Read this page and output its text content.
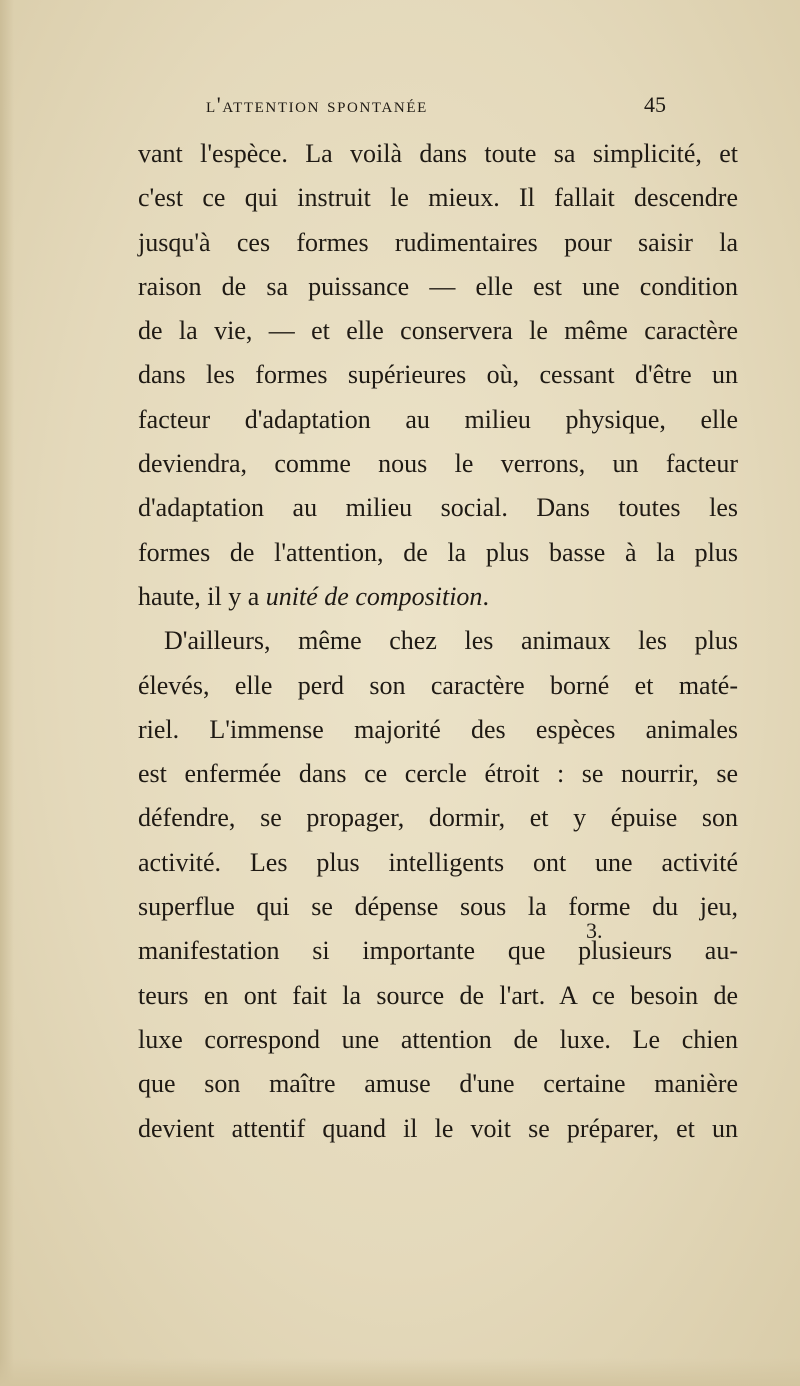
l'attention spontanée	45
vant l'espèce. La voilà dans toute sa simplicité, et
c'est ce qui instruit le mieux. Il fallait descendre
jusqu'à ces formes rudimentaires pour saisir la
raison de sa puissance — elle est une condition
de la vie, — et elle conservera le même caractère
dans les formes supérieures où, cessant d'être un
facteur d'adaptation au milieu physique, elle
deviendra, comme nous le verrons, un facteur
d'adaptation au milieu social. Dans toutes les
formes de l'attention, de la plus basse à la plus
haute, il y a unité de composition.
D'ailleurs, même chez les animaux les plus
élevés, elle perd son caractère borné et maté-
riel. L'immense majorité des espèces animales
est enfermée dans ce cercle étroit : se nourrir, se
défendre, se propager, dormir, et y épuise son
activité. Les plus intelligents ont une activité
superflue qui se dépense sous la forme du jeu,
manifestation si importante que plusieurs au-
teurs en ont fait la source de l'art. A ce besoin de
luxe correspond une attention de luxe. Le chien
que son maître amuse d'une certaine manière
devient attentif quand il le voit se préparer, et un
3.
